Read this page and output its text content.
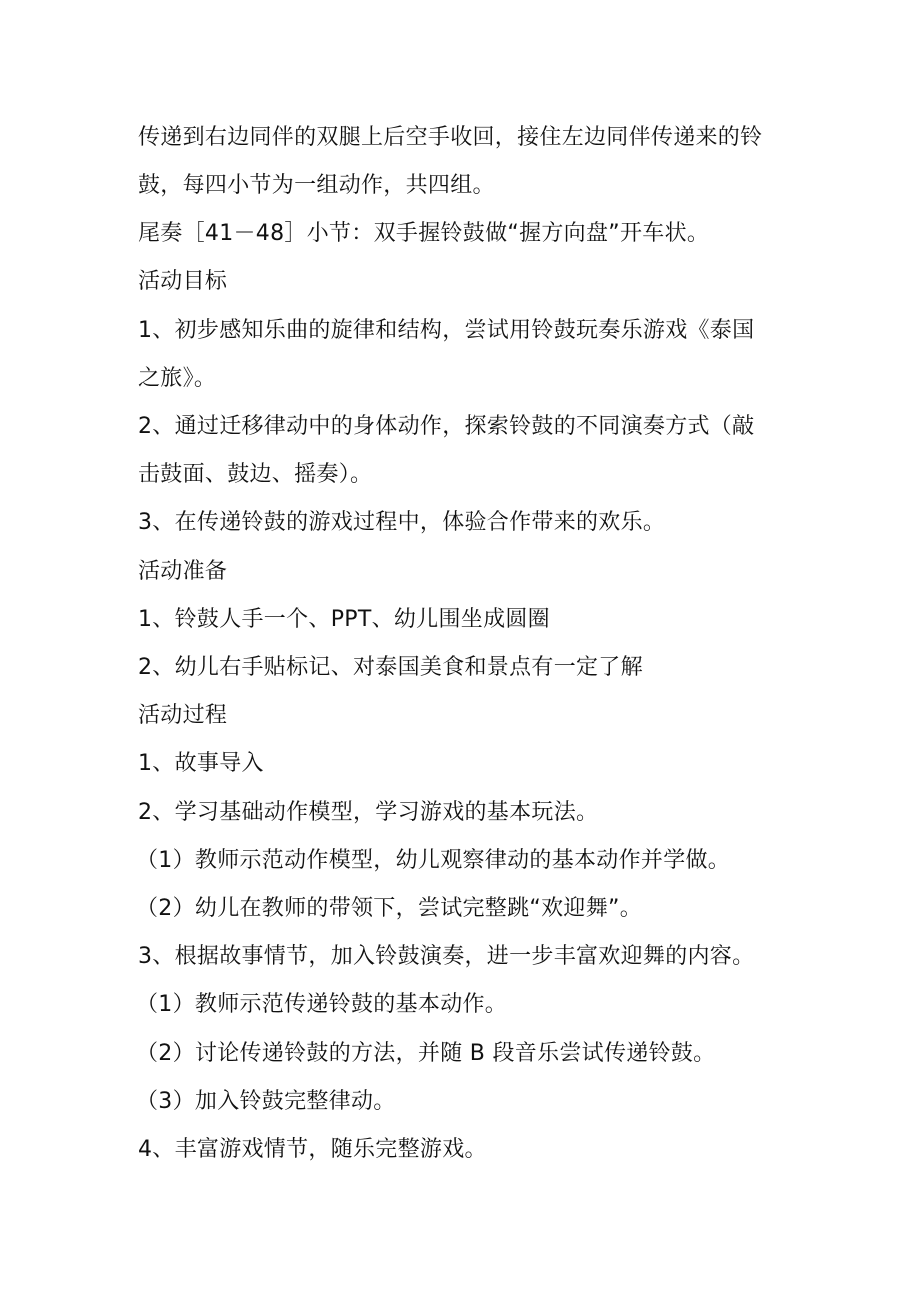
传递到右边同伴的双腿上后空手收回，接住左边同伴传递来的铃
鼓，每四小节为一组动作，共四组。
尾奏［41－48］小节：双手握铃鼓做“握方向盘”开车状。
活动目标
1、初步感知乐曲的旋律和结构，尝试用铃鼓玩奏乐游戏《泰国
之旅》。
2、通过迁移律动中的身体动作，探索铃鼓的不同演奏方式（敲
击鼓面、鼓边、摇奏）。
3、在传递铃鼓的游戏过程中，体验合作带来的欢乐。
活动准备
1、铃鼓人手一个、PPT、幼儿围坐成圆圈
2、幼儿右手贴标记、对泰国美食和景点有一定了解
活动过程
1、故事导入
2、学习基础动作模型，学习游戏的基本玩法。
（1）教师示范动作模型，幼儿观察律动的基本动作并学做。
（2）幼儿在教师的带领下，尝试完整跳“欢迎舞”。
3、根据故事情节，加入铃鼓演奏，进一步丰富欢迎舞的内容。
（1）教师示范传递铃鼓的基本动作。
（2）讨论传递铃鼓的方法，并随 B 段音乐尝试传递铃鼓。
（3）加入铃鼓完整律动。
4、丰富游戏情节，随乐完整游戏。
